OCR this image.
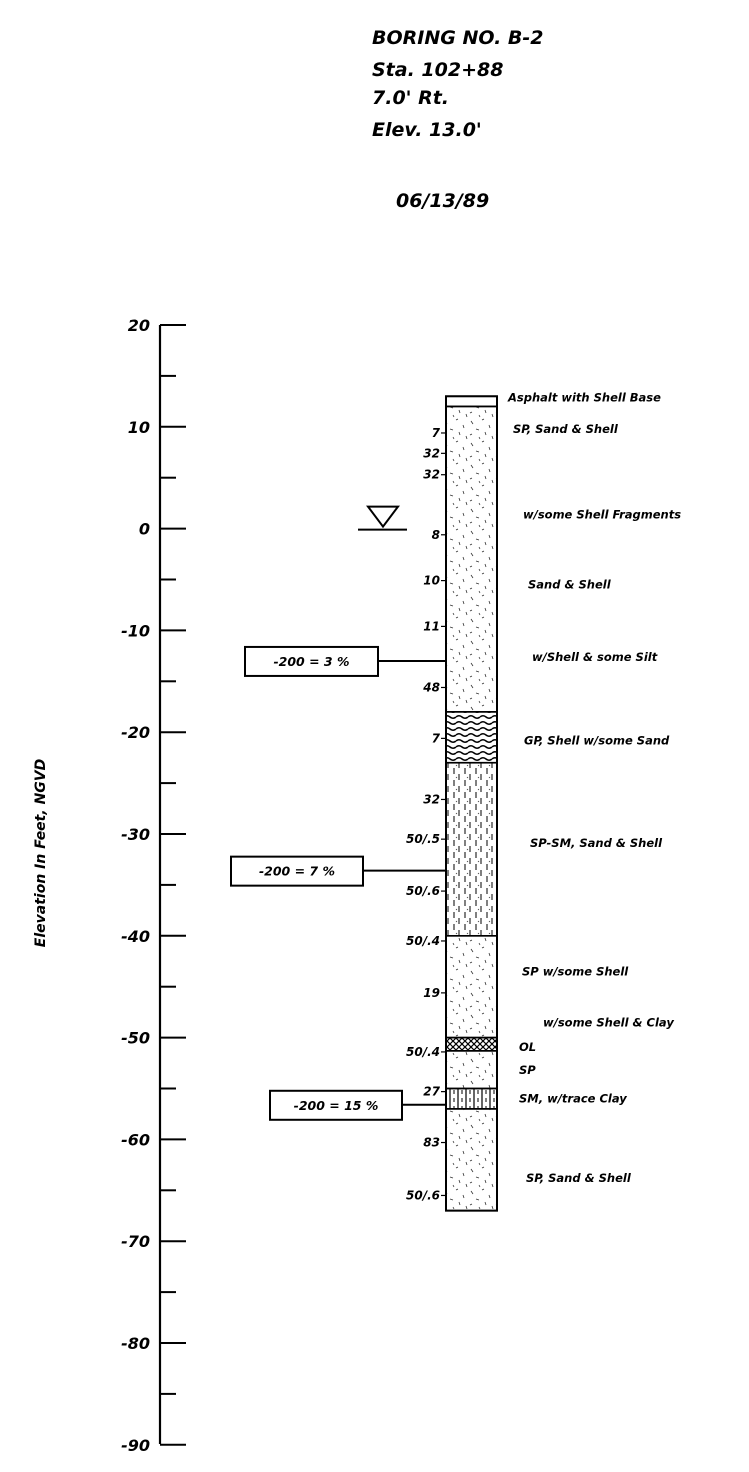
BORING NO. B-2
Sta. 102+88
7.0' Rt.
Elev. 13.0'
06/13/89
Elevation In Feet, NGVD
20
10
0
-10
-20
-30
-40
-50
-60
-70
-80
-90
7
32
32
8
10
11
48
7
32
50/.5
50/.6
50/.4
19
50/.4
27
83
50/.6
Asphalt with Shell Base
SP, Sand & Shell
w/some Shell Fragments
Sand & Shell
w/Shell & some Silt
GP, Shell w/some Sand
SP-SM, Sand & Shell
SP w/some Shell
w/some Shell & Clay
OL
SP
SM, w/trace Clay
SP, Sand & Shell
-200 = 3 %
-200 = 7 %
-200 = 15 %
